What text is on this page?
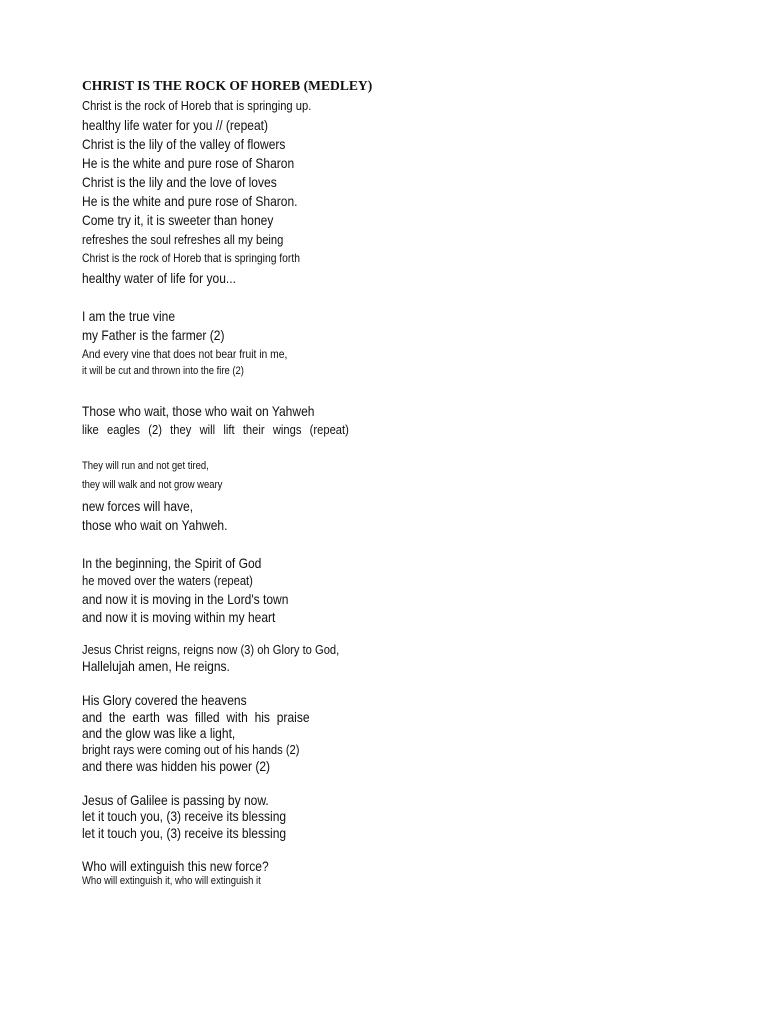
CHRIST IS THE ROCK OF HOREB (MEDLEY)
Christ is the rock of Horeb that is springing up.
healthy life water for you // (repeat)
Christ is the lily of the valley of flowers
He is the white and pure rose of Sharon
Christ is the lily and the love of loves
He is the white and pure rose of Sharon.
Come try it, it is sweeter than honey
refreshes the soul refreshes all my being
Christ is the rock of Horeb that is springing forth
healthy water of life for you...
I am the true vine
my Father is the farmer (2)
And every vine that does not bear fruit in me,
it will be cut and thrown into the fire (2)
Those who wait, those who wait on Yahweh
like eagles (2) they will lift their wings (repeat)
They will run and not get tired,
they will walk and not grow weary
new forces will have,
those who wait on Yahweh.
In the beginning, the Spirit of God
he moved over the waters (repeat)
and now it is moving in the Lord's town
and now it is moving within my heart
Jesus Christ reigns, reigns now (3) oh Glory to God,
Hallelujah amen, He reigns.
His Glory covered the heavens
and the earth was filled with his praise
and the glow was like a light,
bright rays were coming out of his hands (2)
and there was hidden his power (2)
Jesus of Galilee is passing by now.
let it touch you, (3) receive its blessing
let it touch you, (3) receive its blessing
Who will extinguish this new force?
Who will extinguish it, who will extinguish it
